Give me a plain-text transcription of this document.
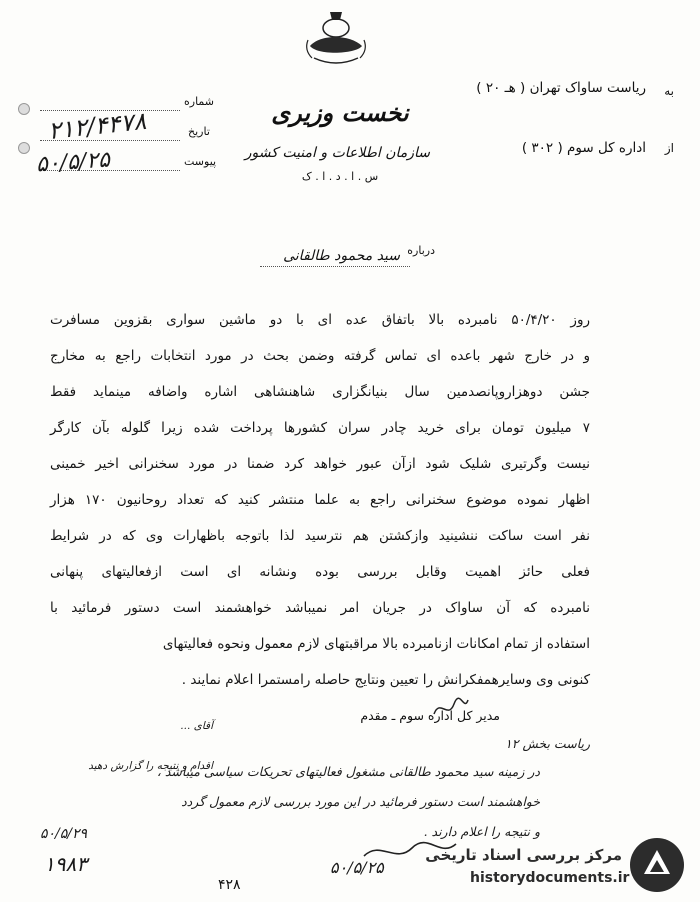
نخست وزیری
سازمان اطلاعات و امنیت کشور
س . ا . د . ا . ک
به
ریاست ساواک تهران ( هـ ۲۰ )
از
اداره کل سوم ( ۳۰۲ )
شماره
تاریخ
پیوست
۲۱۲/۴۴۷۸
۵۰/۵/۲۵
درباره
سید محمود طالقانی
روز ۵۰/۴/۲۰ نامبرده بالا باتفاق عده ای با دو ماشین سواری بقزوین مسافرت
و در خارج شهر باعده ای تماس گرفته وضمن بحث در مورد انتخابات راجع به مخارج
جشن دوهزاروپانصدمین سال بنیانگزاری شاهنشاهی اشاره واضافه مینماید فقط
۷ میلیون تومان برای خرید چادر سران کشورها پرداخت شده زیرا گلوله بآن کارگر
نیست وگرتیری شلیک شود ازآن عبور خواهد کرد ضمنا در مورد سخنرانی اخیر خمینی
اظهار نموده موضوع سخنرانی راجع به علما منتشر کنید که تعداد روحانیون ۱۷۰ هزار
نفر است ساکت ننشینید وازکشتن هم نترسید لذا باتوجه باظهارات وی که در شرایط
فعلی حائز اهمیت وقابل بررسی بوده ونشانه ای است ازفعالیتهای پنهانی
نامبرده که آن ساواک در جریان امر نمیباشد خواهشمند است دستور فرمائید با
استفاده از تمام امکانات ازنامبرده بالا مراقبتهای لازم معمول ونحوه فعالیتهای
کنونی وی وسایرهمفکرانش را تعیین ونتایج حاصله رامستمرا اعلام نمایند .
مدیر کل اداره سوم ـ مقدم
ریاست بخش ۱۲
در زمینه سید محمود طالقانی مشغول فعالیتهای تحریکات سیاسی میباشد ،
خواهشمند است دستور فرمائید در این مورد بررسی لازم معمول گردد
و نتیجه را اعلام دارند .
۵۰/۵/۲۵
آقای ...
اقدام و نتیجه را گزارش دهید
۵۰/۵/۲۹
۱۹۸۳
۴۲۸
مرکز بررسی اسناد تاریخی
historydocuments.ir
